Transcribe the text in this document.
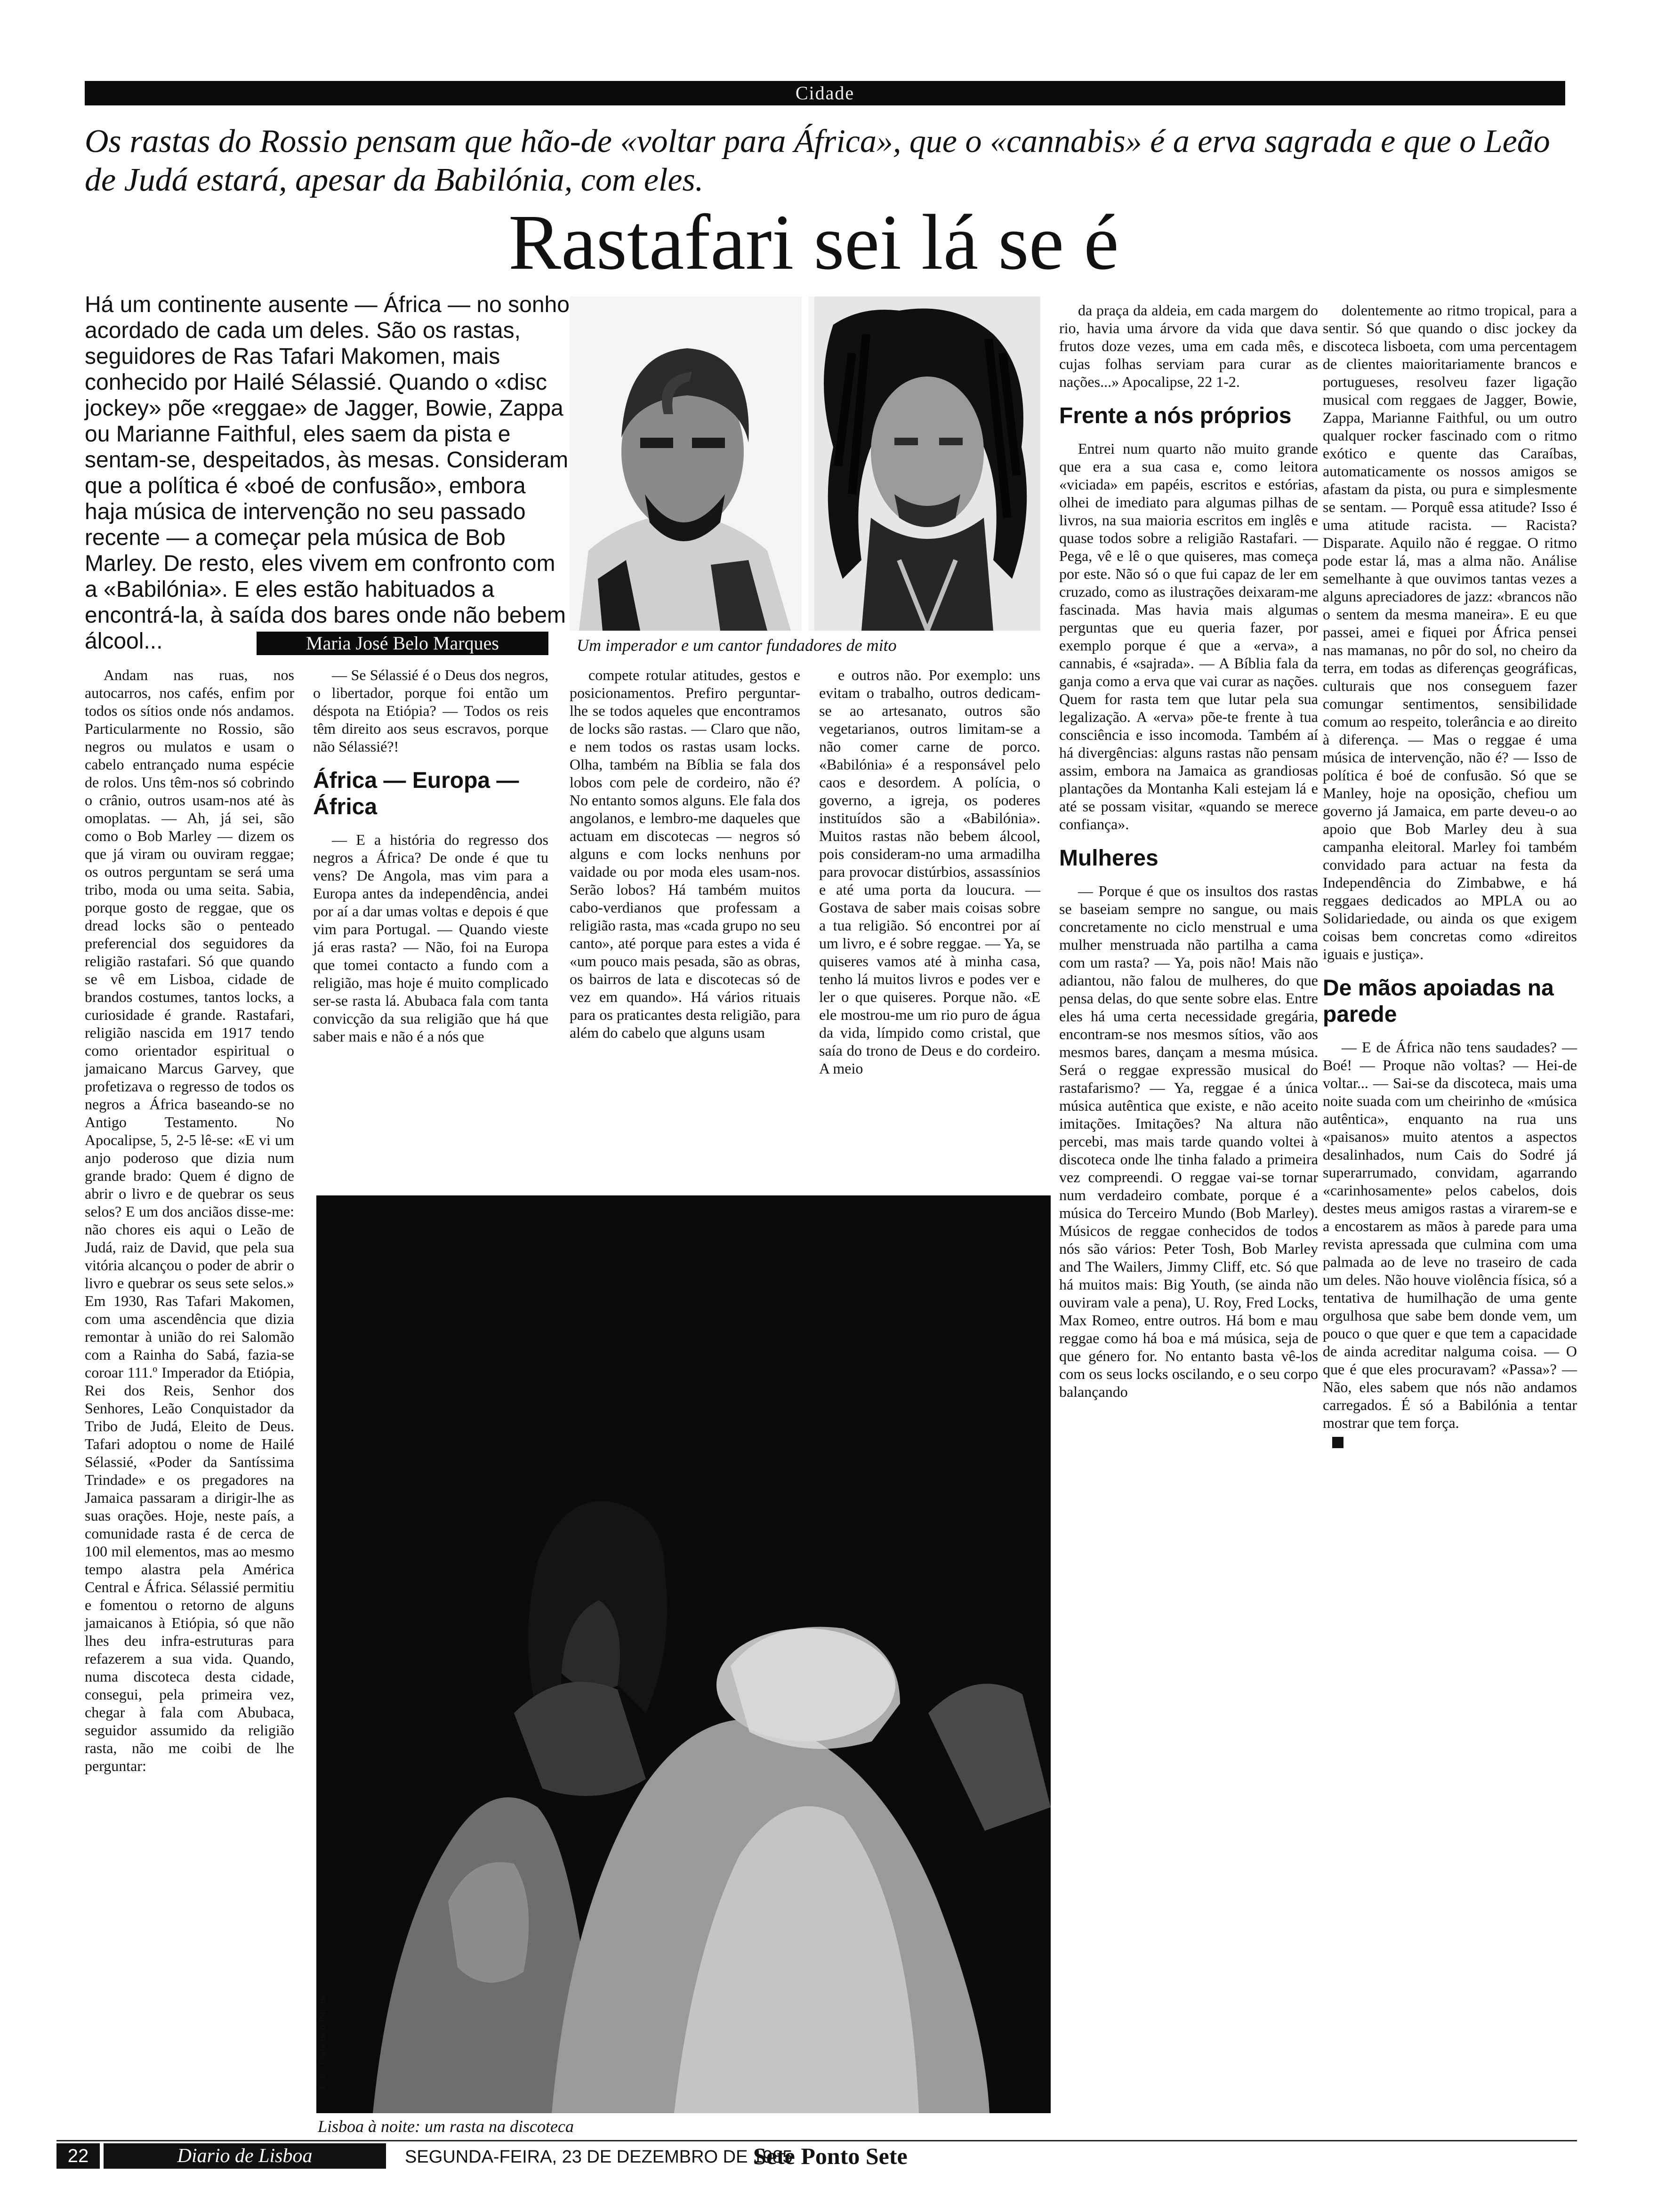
Cidade
Os rastas do Rossio pensam que hão-de «voltar para África», que o «cannabis» é a erva sagrada e que o Leão de Judá estará, apesar da Babilónia, com eles.
Rastafari sei lá se é
Há um continente ausente — África — no sonho acordado de cada um deles. São os rastas, seguidores de Ras Tafari Makomen, mais conhecido por Hailé Sélassié. Quando o «disc jockey» põe «reggae» de Jagger, Bowie, Zappa ou Marianne Faithful, eles saem da pista e sentam-se, despeitados, às mesas. Consideram que a política é «boé de confusão», embora haja música de intervenção no seu passado recente — a começar pela música de Bob Marley. De resto, eles vivem em confronto com a «Babilónia». E eles estão habituados a encontrá-la, à saída dos bares onde não bebem álcool...	Maria José Belo Marques	Um imperador e um cantor fundadores de mito

Andam nas ruas, nos autocarros, nos cafés, enfim por todos os sítios onde nós andamos. Particularmente no Rossio, são negros ou mulatos e usam o cabelo entrançado numa espécie de rolos. Uns têm-nos só cobrindo o crânio, outros usam-nos até às omoplatas. — Ah, já sei, são como o Bob Marley — dizem os que já viram ou ouviram reggae; os outros perguntam se será uma tribo, moda ou uma seita. Sabia, porque gosto de reggae, que os dread locks são o penteado preferencial dos seguidores da religião rastafari. Só que quando se vê em Lisboa, cidade de brandos costumes, tantos locks, a curiosidade é grande. Rastafari, religião nascida em 1917 tendo como orientador espiritual o jamaicano Marcus Garvey, que profetizava o regresso de todos os negros a África baseando-se no Antigo Testamento. No Apocalipse, 5, 2-5 lê-se: «E vi um anjo poderoso que dizia num grande brado: Quem é digno de abrir o livro e de quebrar os seus selos? E um dos anciãos disse-me: não chores eis aqui o Leão de Judá, raiz de David, que pela sua vitória alcançou o poder de abrir o livro e quebrar os seus sete selos.» Em 1930, Ras Tafari Makomen, com uma ascendência que dizia remontar à união do rei Salomão com a Rainha do Sabá, fazia-se coroar 111.º Imperador da Etiópia, Rei dos Reis, Senhor dos Senhores, Leão Conquistador da Tribo de Judá, Eleito de Deus. Tafari adoptou o nome de Hailé Sélassié, «Poder da Santíssima Trindade» e os pregadores na Jamaica passaram a dirigir-lhe as suas orações. Hoje, neste país, a comunidade rasta é de cerca de 100 mil elementos, mas ao mesmo tempo alastra pela América Central e África. Sélassié permitiu e fomentou o retorno de alguns jamaicanos à Etiópia, só que não lhes deu infra-estruturas para refazerem a sua vida. Quando, numa discoteca desta cidade, consegui, pela primeira vez, chegar à fala com Abubaca, seguidor assumido da religião rasta, não me coibi de lhe perguntar:

— Se Sélassié é o Deus dos negros, o libertador, porque foi então um déspota na Etiópia? — Todos os reis têm direito aos seus escravos, porque não Sélassié?!

África — Europa — África

— E a história do regresso dos negros a África? De onde é que tu vens? De Angola, mas vim para a Europa antes da independência, andei por aí a dar umas voltas e depois é que vim para Portugal. — Quando vieste já eras rasta? — Não, foi na Europa que tomei contacto a fundo com a religião, mas hoje é muito complicado ser-se rasta lá. Abubaca fala com tanta convicção da sua religião que há que saber mais e não é a nós que

compete rotular atitudes, gestos e posicionamentos. Prefiro perguntar-lhe se todos aqueles que encontramos de locks são rastas. — Claro que não, e nem todos os rastas usam locks. Olha, também na Bíblia se fala dos lobos com pele de cordeiro, não é? No entanto somos alguns. Ele fala dos angolanos, e lembro-me daqueles que actuam em discotecas — negros só alguns e com locks nenhuns por vaidade ou por moda eles usam-nos. Serão lobos? Há também muitos cabo-verdianos que professam a religião rasta, mas «cada grupo no seu canto», até porque para estes a vida é «um pouco mais pesada, são as obras, os bairros de lata e discotecas só de vez em quando». Há vários rituais para os praticantes desta religião, para além do cabelo que alguns usam

e outros não. Por exemplo: uns evitam o trabalho, outros dedicam-se ao artesanato, outros são vegetarianos, outros limitam-se a não comer carne de porco. «Babilónia» é a responsável pelo caos e desordem. A polícia, o governo, a igreja, os poderes instituídos são a «Babilónia». Muitos rastas não bebem álcool, pois consideram-no uma armadilha para provocar distúrbios, assassínios e até uma porta da loucura. — Gostava de saber mais coisas sobre a tua religião. Só encontrei por aí um livro, e é sobre reggae. — Ya, se quiseres vamos até à minha casa, tenho lá muitos livros e podes ver e ler o que quiseres. Porque não. «E ele mostrou-me um rio puro de água da vida, límpido como cristal, que saía do trono de Deus e do cordeiro. A meio

da praça da aldeia, em cada margem do rio, havia uma árvore da vida que dava frutos doze vezes, uma em cada mês, e cujas folhas serviam para curar as nações...» Apocalipse, 22 1-2.

Frente a nós próprios

Entrei num quarto não muito grande que era a sua casa e, como leitora «viciada» em papéis, escritos e estórias, olhei de imediato para algumas pilhas de livros, na sua maioria escritos em inglês e quase todos sobre a religião Rastafari. — Pega, vê e lê o que quiseres, mas começa por este. Não só o que fui capaz de ler em cruzado, como as ilustrações deixaram-me fascinada. Mas havia mais algumas perguntas que eu queria fazer, por exemplo porque é que a «erva», a cannabis, é «sajrada». — A Bíblia fala da ganja como a erva que vai curar as nações. Quem for rasta tem que lutar pela sua legalização. A «erva» põe-te frente à tua consciência e isso incomoda. Também aí há divergências: alguns rastas não pensam assim, embora na Jamaica as grandiosas plantações da Montanha Kali estejam lá e até se possam visitar, «quando se merece confiança».

Mulheres

— Porque é que os insultos dos rastas se baseiam sempre no sangue, ou mais concretamente no ciclo menstrual e uma mulher menstruada não partilha a cama com um rasta? — Ya, pois não! Mais não adiantou, não falou de mulheres, do que pensa delas, do que sente sobre elas. Entre eles há uma certa necessidade gregária, encontram-se nos mesmos sítios, vão aos mesmos bares, dançam a mesma música. Será o reggae expressão musical do rastafarismo? — Ya, reggae é a única música autêntica que existe, e não aceito imitações. Imitações? Na altura não percebi, mas mais tarde quando voltei à discoteca onde lhe tinha falado a primeira vez compreendi. O reggae vai-se tornar num verdadeiro combate, porque é a música do Terceiro Mundo (Bob Marley). Músicos de reggae conhecidos de todos nós são vários: Peter Tosh, Bob Marley and The Wailers, Jimmy Cliff, etc. Só que há muitos mais: Big Youth, (se ainda não ouviram vale a pena), U. Roy, Fred Locks, Max Romeo, entre outros. Há bom e mau reggae como há boa e má música, seja de que género for. No entanto basta vê-los com os seus locks oscilando, e o seu corpo balançando

dolentemente ao ritmo tropical, para a sentir. Só que quando o disc jockey da discoteca lisboeta, com uma percentagem de clientes maioritariamente brancos e portugueses, resolveu fazer ligação musical com reggaes de Jagger, Bowie, Zappa, Marianne Faithful, ou um outro qualquer rocker fascinado com o ritmo exótico e quente das Caraíbas, automaticamente os nossos amigos se afastam da pista, ou pura e simplesmente se sentam. — Porquê essa atitude? Isso é uma atitude racista. — Racista? Disparate. Aquilo não é reggae. O ritmo pode estar lá, mas a alma não. Análise semelhante à que ouvimos tantas vezes a alguns apreciadores de jazz: «brancos não o sentem da mesma maneira». E eu que passei, amei e fiquei por África pensei nas mamanas, no pôr do sol, no cheiro da terra, em todas as diferenças geográficas, culturais que nos conseguem fazer comungar sentimentos, sensibilidade comum ao respeito, tolerância e ao direito à diferença. — Mas o reggae é uma música de intervenção, não é? — Isso de política é boé de confusão. Só que se Manley, hoje na oposição, chefiou um governo já Jamaica, em parte deveu-o ao apoio que Bob Marley deu à sua campanha eleitoral. Marley foi também convidado para actuar na festa da Independência do Zimbabwe, e há reggaes dedicados ao MPLA ou ao Solidariedade, ou ainda os que exigem coisas bem concretas como «direitos iguais e justiça».

De mãos apoiadas na parede

— E de África não tens saudades? — Boé! — Proque não voltas? — Hei-de voltar... — Sai-se da discoteca, mais uma noite suada com um cheirinho de «música autêntica», enquanto na rua uns «paisanos» muito atentos a aspectos desalinhados, num Cais do Sodré já superarrumado, convidam, agarrando «carinhosamente» pelos cabelos, dois destes meus amigos rastas a virarem-se e a encostarem as mãos à parede para uma revista apressada que culmina com uma palmada ao de leve no traseiro de cada um deles. Não houve violência física, só a tentativa de humilhação de uma gente orgulhosa que sabe bem donde vem, um pouco o que quer e que tem a capacidade de ainda acreditar nalguma coisa. — O que é que eles procuravam? «Passa»? — Não, eles sabem que nós não andamos carregados. É só a Babilónia a tentar mostrar que tem força.

Foto: Francisco Paraíso
Lisboa à noite: um rasta na discoteca
22	Diario de Lisboa	SEGUNDA-FEIRA, 23 DE DEZEMBRO DE 1985
Sete Ponto Sete
